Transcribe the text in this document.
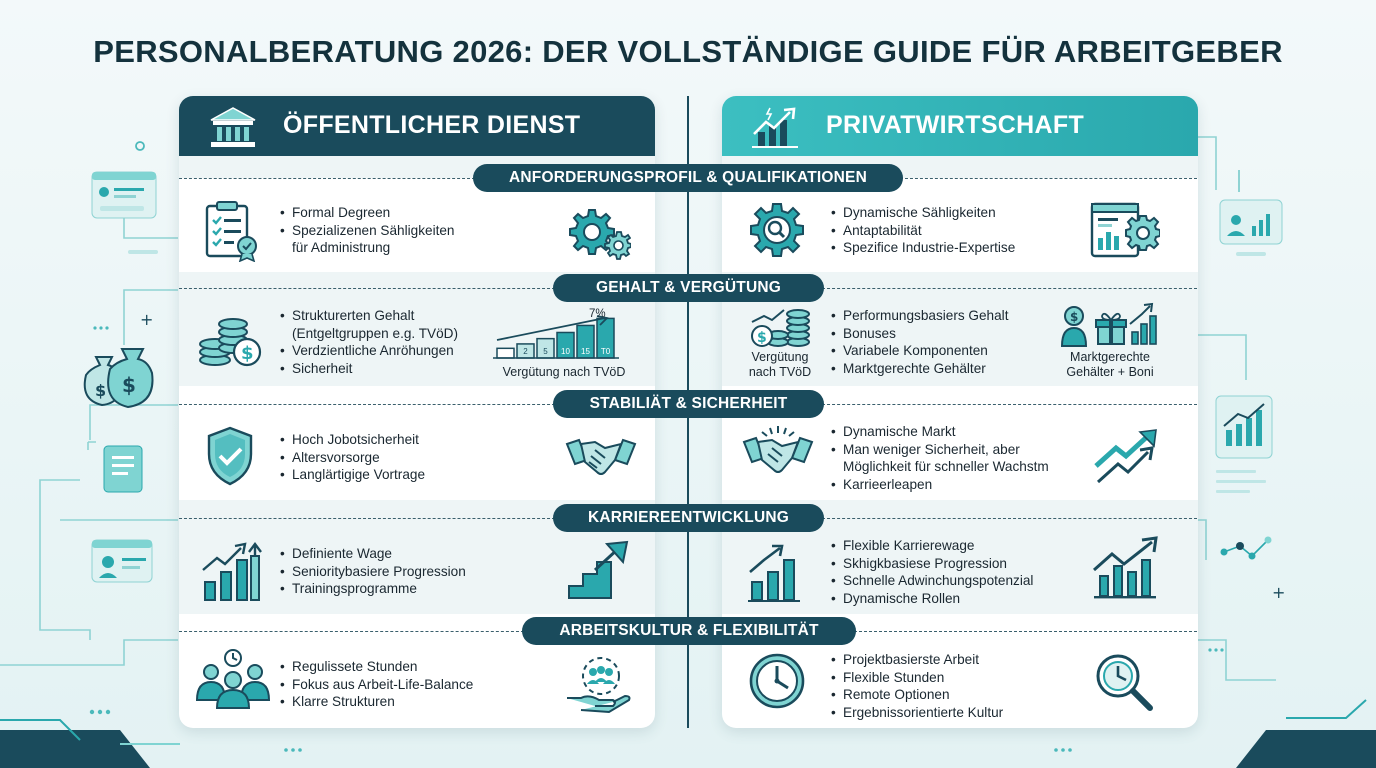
PERSONALBERATUNG 2026: DER VOLLSTÄNDIGE GUIDE FÜR ARBEITGEBER
+
$ $
+
ÖFFENTLICHER DIENST
• Formal Degreen
• Spezializenen Sähligkeiten
für Administrung
$
• Strukturerten Gehalt
(Entgeltgruppen e.g. TVöD)
• Verdzientliche Anröhungen
• Sicherheit
2 5 10 15 T0
7%
Vergütung nach TVöD
• Hoch Jobotsicherheit
• Altersvorsorge
• Langlärtigige Vortrage
• Definiente Wage
• Senioritybasiere Progression
• Trainingsprogramme
• Regulissete Stunden
• Fokus aus Arbeit-Life-Balance
• Klarre Strukturen
PRIVATWIRTSCHAFT
• Dynamische Sähligkeiten
• Antaptabilität
• Spezifice Industrie-Expertise
$
Vergütung
nach TVöD
• Performungsbasiers Gehalt
• Bonuses
• Variabele Komponenten
• Marktgerechte Gehälter
$
Marktgerechte
Gehälter + Boni
• Dynamische Markt
• Man weniger Sicherheit, aber
Möglichkeit für schneller Wachstm
• Karrieerleapen
• Flexible Karrierewage
• Skhigkbasiese Progression
• Schnelle Adwinchungspotenzial
• Dynamische Rollen
• Projektbasierste Arbeit
• Flexible Stunden
• Remote Optionen
• Ergebnissorientierte Kultur
ANFORDERUNGSPROFIL & QUALIFIKATIONEN
GEHALT & VERGÜTUNG
STABILIÄT & SICHERHEIT
KARRIEREENTWICKLUNG
ARBEITSKULTUR & FLEXIBILITÄT
